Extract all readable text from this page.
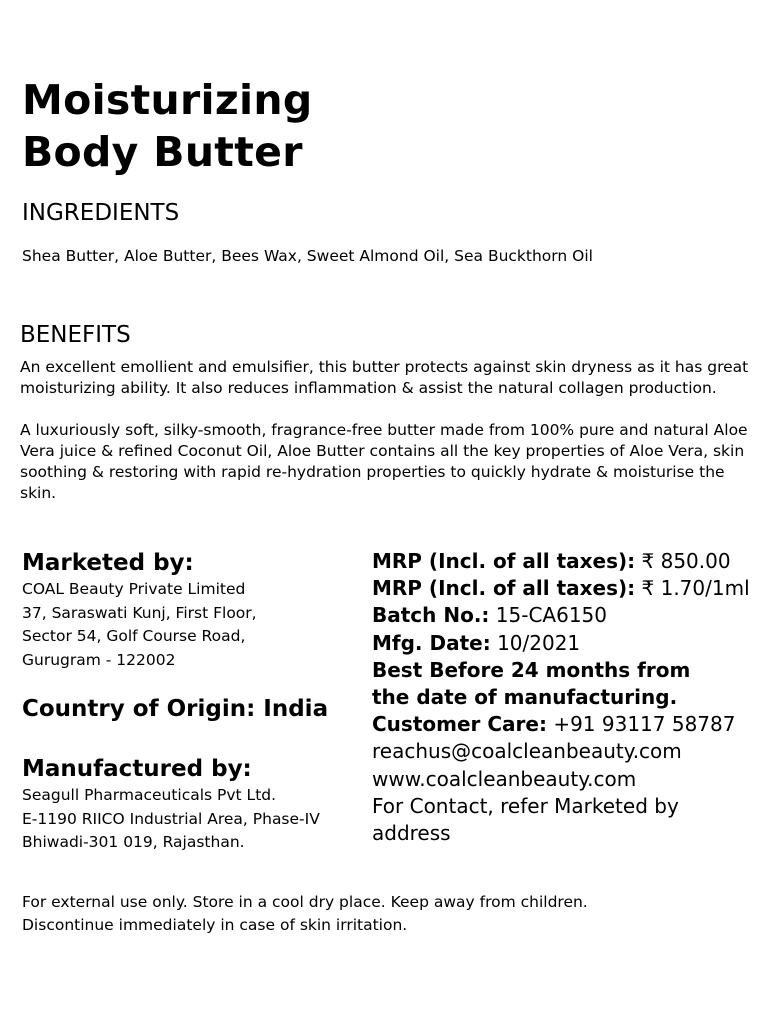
Moisturizing
Body Butter
INGREDIENTS
Shea Butter, Aloe Butter, Bees Wax, Sweet Almond Oil, Sea Buckthorn Oil
BENEFITS

An excellent emollient and emulsifier, this butter protects against skin dryness as it has great moisturizing ability. It also reduces inflammation & assist the natural collagen production.

A luxuriously soft, silky-smooth, fragrance-free butter made from 100% pure and natural Aloe Vera juice & refined Coconut Oil, Aloe Butter contains all the key properties of Aloe Vera, skin soothing & restoring with rapid re-hydration properties to quickly hydrate & moisturise the skin.

Marketed by:
COAL Beauty Private Limited
37, Saraswati Kunj, First Floor,
Sector 54, Golf Course Road,
Gurugram - 122002
Country of Origin: India
Manufactured by:
Seagull Pharmaceuticals Pvt Ltd.
E-1190 RIICO Industrial Area, Phase-IV
Bhiwadi-301 019, Rajasthan.
MRP (Incl. of all taxes): ₹ 850.00
MRP (Incl. of all taxes): ₹ 1.70/1ml
Batch No.: 15-CA6150
Mfg. Date: 10/2021
Best Before 24 months from
the date of manufacturing.
Customer Care: +91 93117 58787
reachus@coalcleanbeauty.com
www.coalcleanbeauty.com
For Contact, refer Marketed by
address
For external use only. Store in a cool dry place. Keep away from children.
Discontinue immediately in case of skin irritation.
